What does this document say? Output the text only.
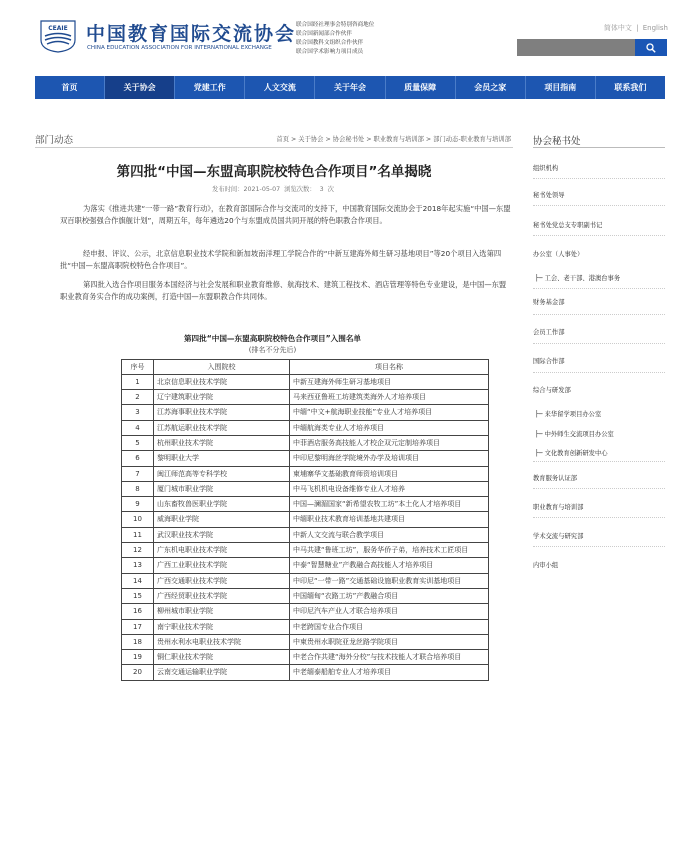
CEAIE 中国教育国际交流协会
CHINA EDUCATION ASSOCIATION FOR INTERNATIONAL EXCHANGE
联合国经社理事会特别咨商地位
联合国新闻部合作伙伴
联合国教科文组织合作伙伴
联合国学术影响力项目成员
简体中文 | English
首页	关于协会	党建工作	人文交流	关于年会	质量保障	会员之家	项目指南	联系我们
部门动态	首页 > 关于协会 > 协会秘书处 > 职业教育与培训部 > 部门动态-职业教育与培训部
第四批“中国—东盟高职院校特色合作项目”名单揭晓
发布时间：2021-05-07 浏览次数： 3 次

为落实《推进共建“一带一路”教育行动》，在教育部国际合作与交流司的支持下，中国教育国际交流协会于2018年起实施“中国—东盟双百职校强强合作旗舰计划”，周期五年，每年遴选20个与东盟成员国共同开展的特色职教合作项目。

经申报、评议、公示，北京信息职业技术学院和新加坡南洋理工学院合作的“中新互建海外师生研习基地项目”等20个项目入选第四批“中国—东盟高职院校特色合作项目”。

第四批入选合作项目服务本国经济与社会发展和职业教育维修、航海技术、建筑工程技术、酒店管理等特色专业建设，是中国—东盟职业教育务实合作的成功案例，打造中国—东盟职教合作共同体。

第四批“中国—东盟高职院校特色合作项目”入围名单
(排名不分先后)
序号	入围院校	项目名称
1	北京信息职业技术学院	中新互建海外师生研习基地项目
2	辽宁建筑职业学院	马来西亚鲁班工坊建筑类海外人才培养项目
3	江苏海事职业技术学院	中缅“中文+航海职业技能”专业人才培养项目
4	江苏航运职业技术学院	中缅航海类专业人才培养项目
5	杭州职业技术学院	中菲酒店服务高技能人才校企双元定制培养项目
6	黎明职业大学	中印尼黎明海丝学院境外办学及培训项目
7	闽江师范高等专科学校	柬埔寨华文基础教育师资培训项目
8	厦门城市职业学院	中马飞机机电设备维修专业人才培养
9	山东畜牧兽医职业学院	中国—澜湄国家“新希望农牧工坊”本土化人才培养项目
10	威海职业学院	中缅职业技术教育培训基地共建项目
11	武汉职业技术学院	中新人文交流与联合教学项目
12	广东机电职业技术学院	中马共建“鲁班工坊”，服务华侨子弟，培养技术工匠项目
13	广西工业职业技术学院	中泰“智慧糖业”产教融合高技能人才培养项目
14	广西交通职业技术学院	中印尼“一带一路”交通基础设施职业教育实训基地项目
15	广西经贸职业技术学院	中国缅甸“衣路工坊”产教融合项目
16	柳州城市职业学院	中印尼汽车产业人才联合培养项目
17	南宁职业技术学院	中老跨国专业合作项目
18	贵州水利水电职业技术学院	中柬贵州水职院亚龙丝路学院项目
19	铜仁职业技术学院	中老合作共建“海外分校”与技术技能人才联合培养项目
20	云南交通运输职业学院	中老缅泰船舶专业人才培养项目
协会秘书处
组织机构
秘书处领导
秘书处党总支专职副书记
办公室（人事处）
├─ 工会、老干部、港澳台事务
财务基金部
会员工作部
国际合作部
综合与研发部
├─ 来华留学项目办公室
├─ 中外师生交流项目办公室
├─ 文化教育创新研发中心
教育服务认证部
职业教育与培训部
学术交流与研究部
内审小组
